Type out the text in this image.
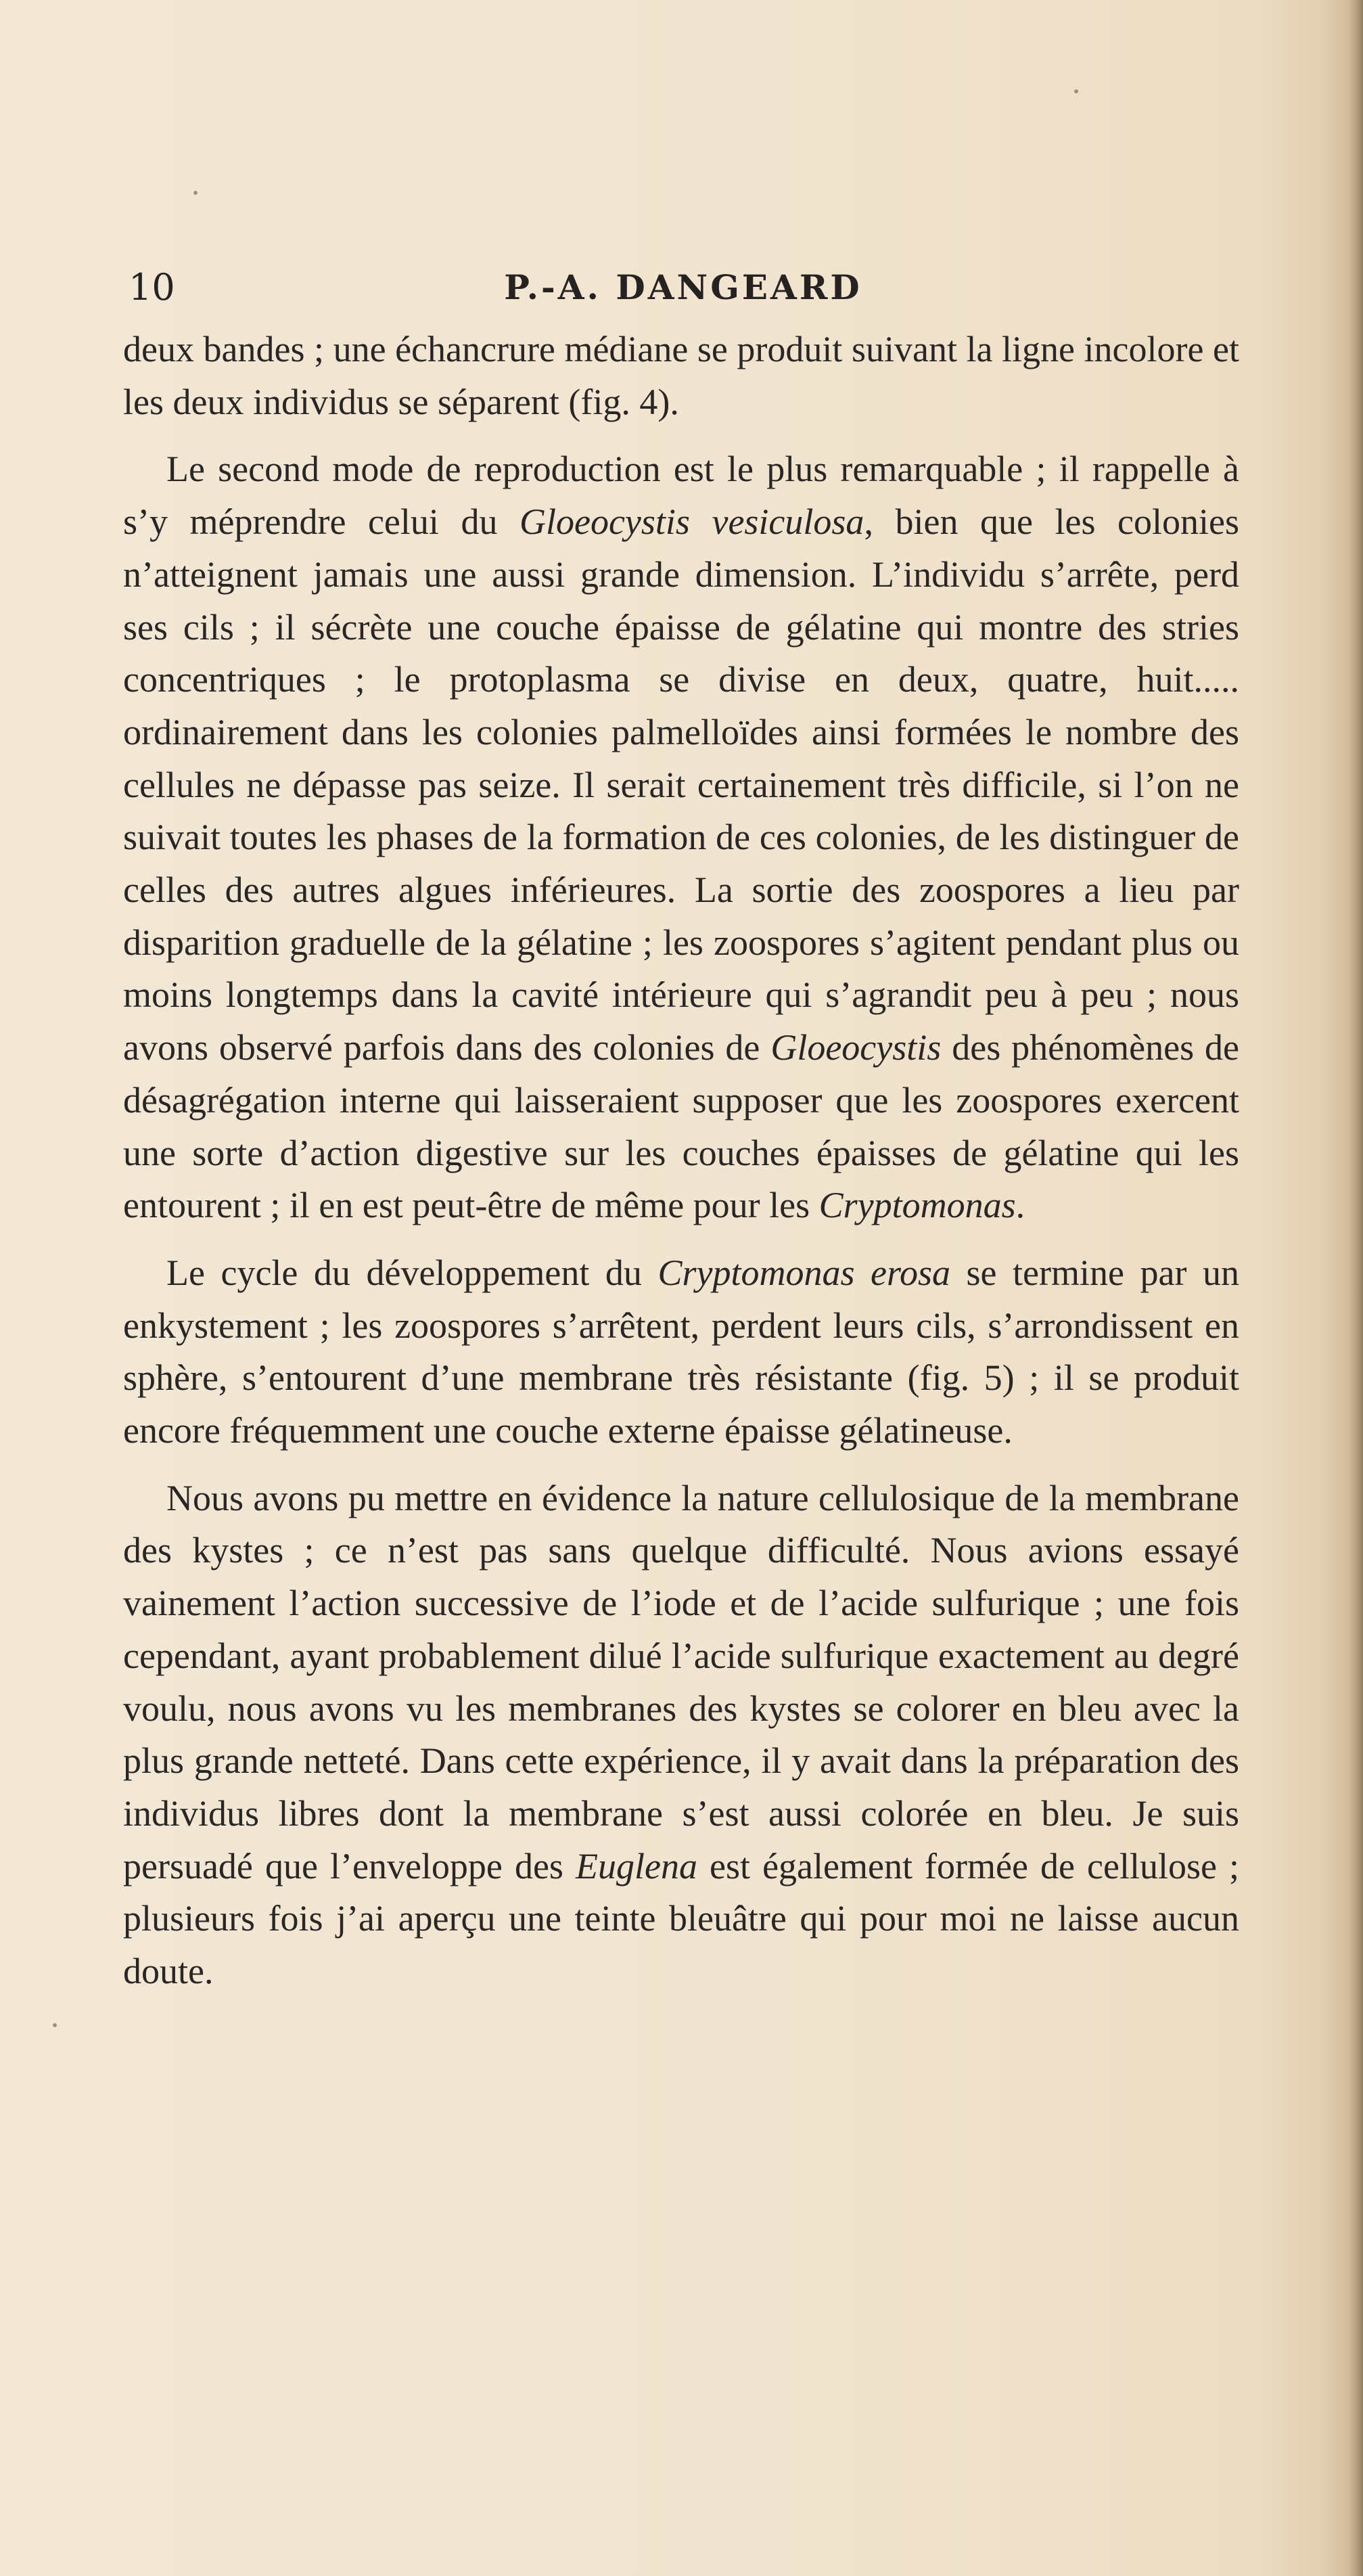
10	P.-A. DANGEARD

deux bandes ; une échancrure médiane se produit suivant la ligne incolore et les deux individus se séparent (fig. 4).

Le second mode de reproduction est le plus remarquable ; il rappelle à s’y méprendre celui du Gloeocystis vesiculosa, bien que les colonies n’atteignent jamais une aussi grande dimension. L’individu s’arrête, perd ses cils ; il sécrète une couche épaisse de gélatine qui montre des stries concentriques ; le protoplasma se divise en deux, quatre, huit..... ordinairement dans les colonies palmelloïdes ainsi formées le nombre des cellules ne dépasse pas seize. Il serait certainement très difficile, si l’on ne suivait toutes les phases de la formation de ces colonies, de les distinguer de celles des autres algues inférieures. La sortie des zoospores a lieu par disparition graduelle de la gélatine ; les zoospores s’agitent pendant plus ou moins longtemps dans la cavité intérieure qui s’agrandit peu à peu ; nous avons observé parfois dans des colonies de Gloeocystis des phénomènes de désagrégation interne qui laisseraient supposer que les zoospores exercent une sorte d’action digestive sur les couches épaisses de gélatine qui les entourent ; il en est peut-être de même pour les Cryptomonas.

Le cycle du développement du Cryptomonas erosa se termine par un enkystement ; les zoospores s’arrêtent, perdent leurs cils, s’arrondissent en sphère, s’entourent d’une membrane très résistante (fig. 5) ; il se produit encore fréquemment une couche externe épaisse gélatineuse.

Nous avons pu mettre en évidence la nature cellulosique de la membrane des kystes ; ce n’est pas sans quelque difficulté. Nous avions essayé vainement l’action successive de l’iode et de l’acide sulfurique ; une fois cependant, ayant probablement dilué l’acide sulfurique exactement au degré voulu, nous avons vu les membranes des kystes se colorer en bleu avec la plus grande netteté. Dans cette expérience, il y avait dans la préparation des individus libres dont la membrane s’est aussi colorée en bleu. Je suis persuadé que l’enveloppe des Euglena est également formée de cellulose ; plusieurs fois j’ai aperçu une teinte bleuâtre qui pour moi ne laisse aucun doute.
